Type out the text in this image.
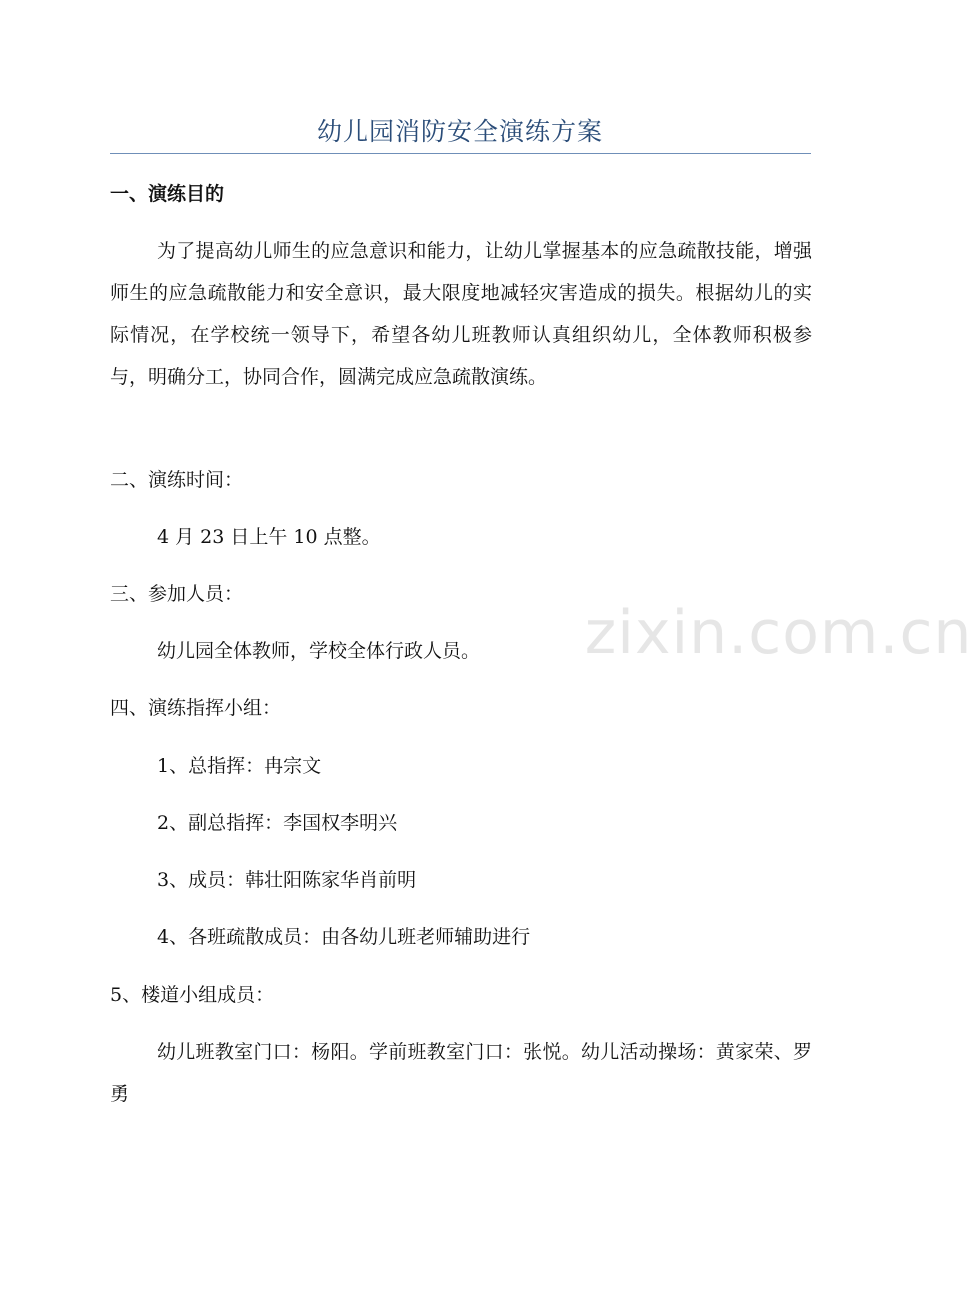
zixin.com.cn
幼儿园消防安全演练方案
一、演练目的
为了提高幼儿师生的应急意识和能力，让幼儿掌握基本的应急疏散技能，增强师生的应急疏散能力和安全意识，最大限度地减轻灾害造成的损失。根据幼儿的实际情况，在学校统一领导下，希望各幼儿班教师认真组织幼儿，全体教师积极参与，明确分工，协同合作，圆满完成应急疏散演练。
二、演练时间：
4 月 23 日上午 10 点整。
三、参加人员：
幼儿园全体教师，学校全体行政人员。
四、演练指挥小组：
1、总指挥：冉宗文
2、副总指挥：李国权李明兴
3、成员：韩壮阳陈家华肖前明
4、各班疏散成员：由各幼儿班老师辅助进行
5、楼道小组成员：
幼儿班教室门口：杨阳。学前班教室门口：张悦。幼儿活动操场：黄家荣、罗勇
